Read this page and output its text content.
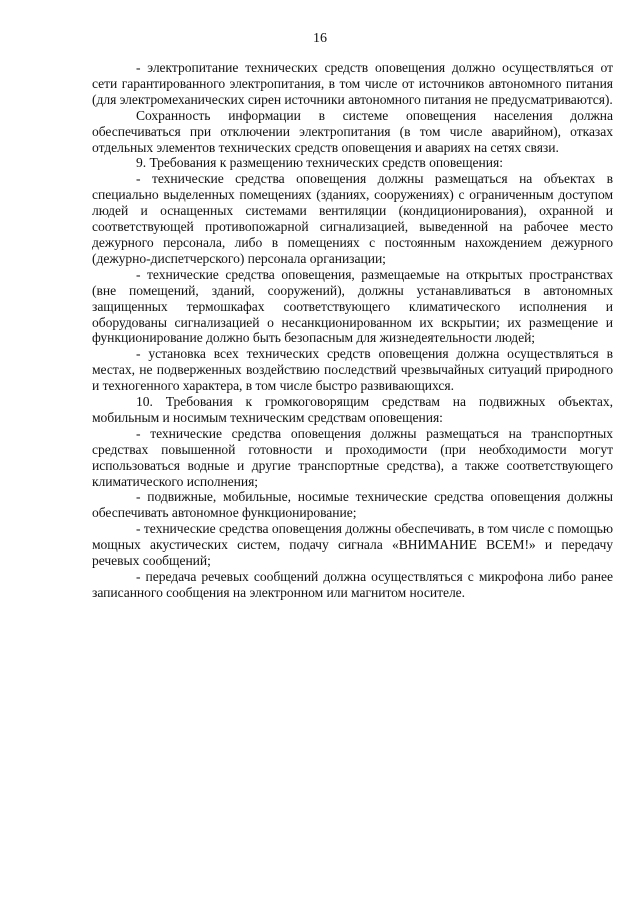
16

- электропитание технических средств оповещения должно осуществляться от сети гарантированного электропитания, в том числе от источников автономного питания (для электромеханических сирен источники автономного питания не предусматриваются).

Сохранность информации в системе оповещения населения должна обеспечиваться при отключении электропитания (в том числе аварийном), отказах отдельных элементов технических средств оповещения и авариях на сетях связи.

9. Требования к размещению технических средств оповещения:

- технические средства оповещения должны размещаться на объектах в специально выделенных помещениях (зданиях, сооружениях) с ограниченным доступом людей и оснащенных системами вентиляции (кондиционирования), охранной и соответствующей противопожарной сигнализацией, выведенной на рабочее место дежурного персонала, либо в помещениях с постоянным нахождением дежурного (дежурно-диспетчерского) персонала организации;

- технические средства оповещения, размещаемые на открытых пространствах (вне помещений, зданий, сооружений), должны устанавливаться в автономных защищенных термошкафах соответствующего климатического исполнения и оборудованы сигнализацией о несанкционированном их вскрытии; их размещение и функционирование должно быть безопасным для жизнедеятельности людей;

- установка всех технических средств оповещения должна осуществляться в местах, не подверженных воздействию последствий чрезвычайных ситуаций природного и техногенного характера, в том числе быстро развивающихся.

10. Требования к громкоговорящим средствам на подвижных объектах, мобильным и носимым техническим средствам оповещения:

- технические средства оповещения должны размещаться на транспортных средствах повышенной готовности и проходимости (при необходимости могут использоваться водные и другие транспортные средства), а также соответствующего климатического исполнения;

- подвижные, мобильные, носимые технические средства оповещения должны обеспечивать автономное функционирование;

- технические средства оповещения должны обеспечивать, в том числе с помощью мощных акустических систем, подачу сигнала «ВНИМАНИЕ ВСЕМ!» и передачу речевых сообщений;

- передача речевых сообщений должна осуществляться с микрофона либо ранее записанного сообщения на электронном или магнитом носителе.
